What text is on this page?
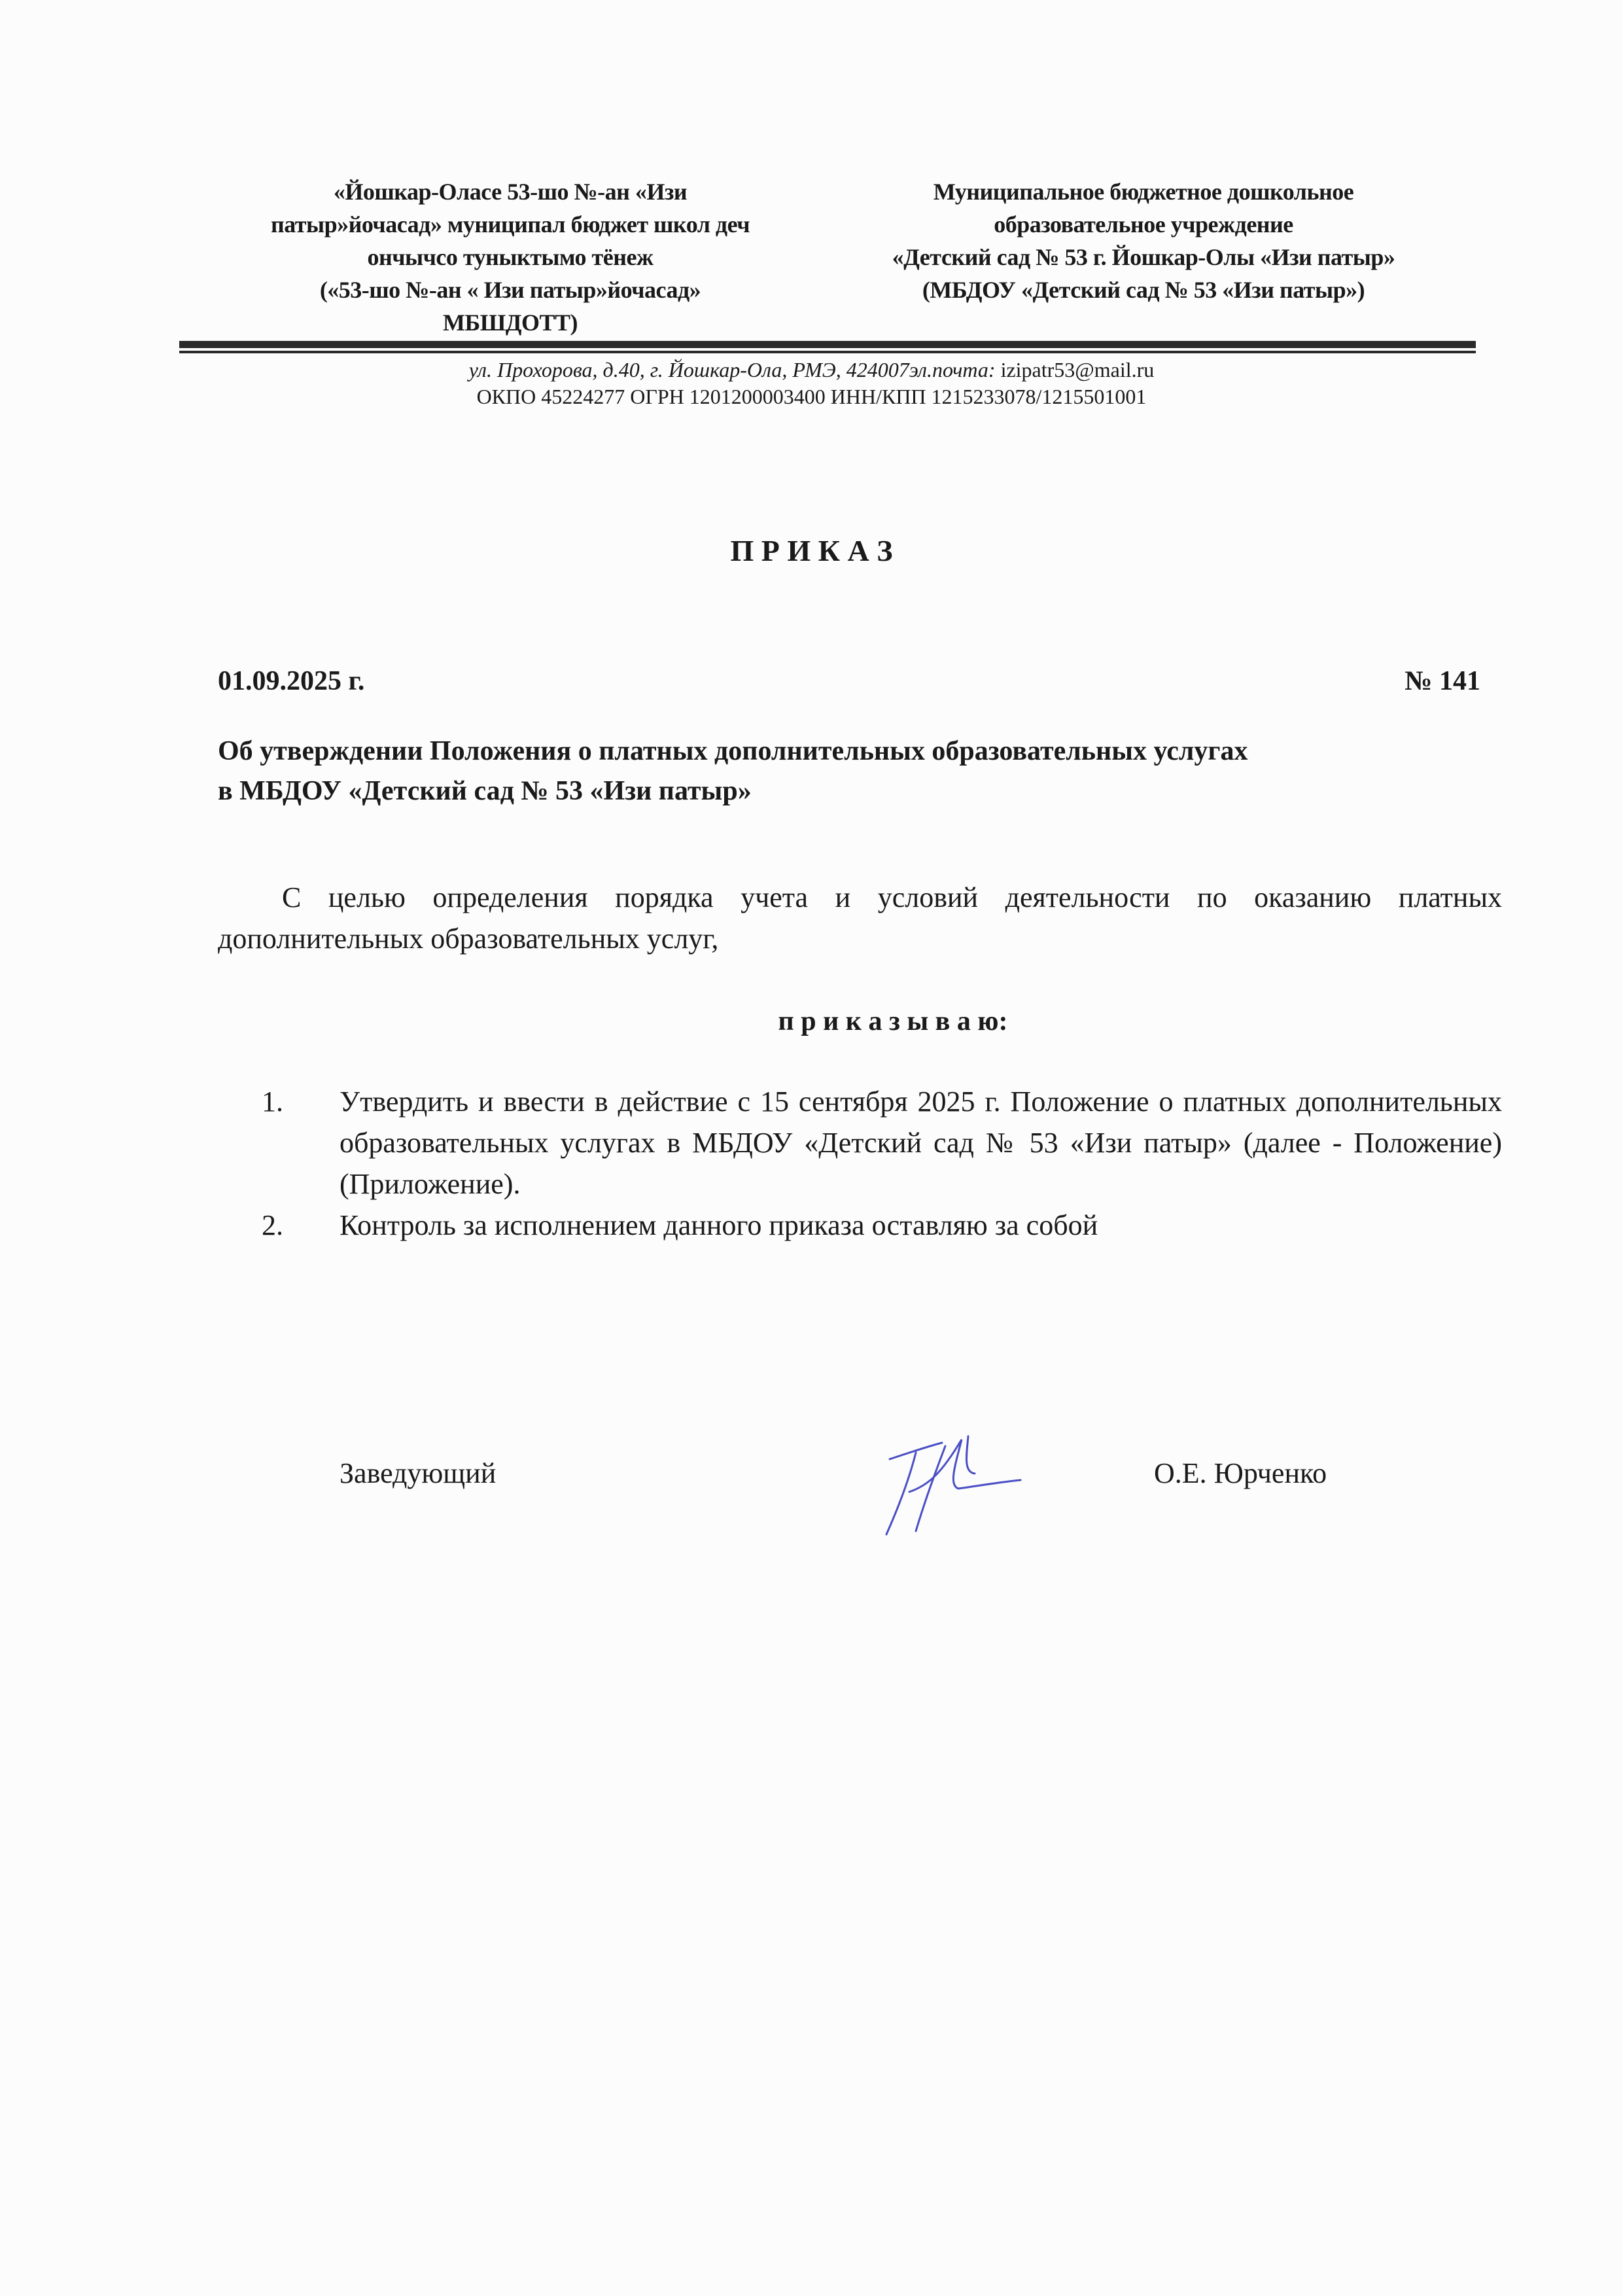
«Йошкар-Оласе 53-шо №-ан «Изи
патыр»йочасад» муниципал бюджет школ деч
ончычсо туныктымо тёнеж
(«53-шо №-ан « Изи патыр»йочасад»
МБШДОТТ)
Муниципальное бюджетное дошкольное
образовательное учреждение
«Детский сад № 53 г. Йошкар-Олы «Изи патыр»
(МБДОУ «Детский сад № 53 «Изи патыр»)
ул. Прохорова, д.40, г. Йошкар-Ола, РМЭ, 424007эл.почта: izipatr53@mail.ru
ОКПО 45224277 ОГРН 1201200003400 ИНН/КПП 1215233078/1215501001
П Р И К А З
01.09.2025 г.	№ 141
Об утверждении Положения о платных дополнительных образовательных услугах
в МБДОУ «Детский сад № 53 «Изи патыр»
С целью определения порядка учета и условий деятельности по оказанию платных дополнительных образовательных услуг,
п р и к а з ы в а ю:
1. Утвердить и ввести в действие с 15 сентября 2025 г. Положение о платных дополнительных образовательных услугах в МБДОУ «Детский сад № 53 «Изи патыр» (далее - Положение) (Приложение).
2. Контроль за исполнением данного приказа оставляю за собой
Заведующий	О.Е. Юрченко
